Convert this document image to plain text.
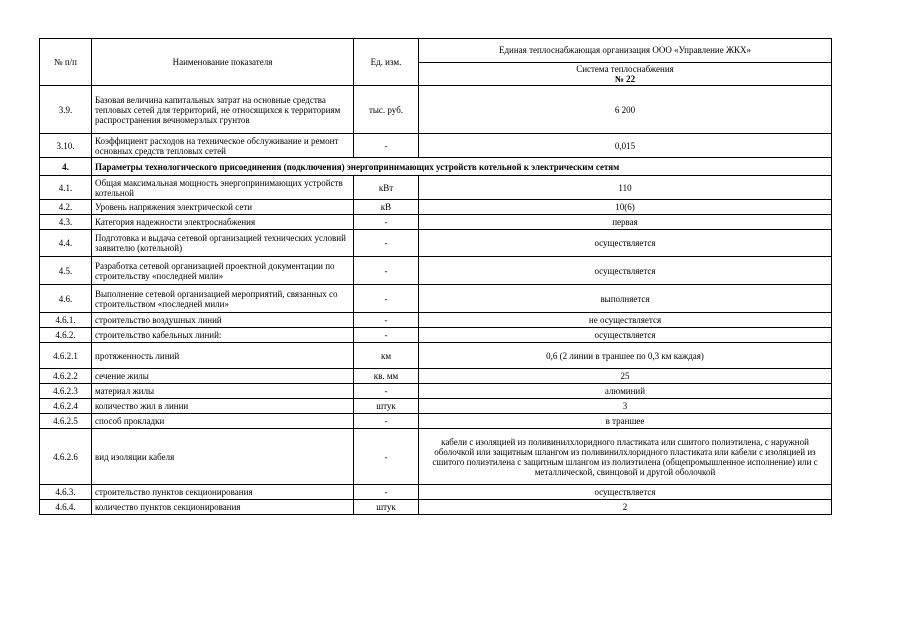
№ п/п	Наименование показателя	Ед. изм.	Единая теплоснабжающая организация ООО «Управление ЖКХ»

			Система теплоснабжения
№ 22

3.9.	Базовая величина капитальных затрат на основные средства тепловых сетей для территорий, не относящихся к территориям распространения вечномерзлых грунтов	тыс. руб.	6 200
3.10.	Коэффициент расходов на техническое обслуживание и ремонт основных средств тепловых сетей	-	0,015
4.	Параметры технологического присоединения (подключения) энергопринимающих устройств котельной к электрическим сетям		
4.1.	Общая максимальная мощность энергопринимающих устройств котельной	кВт	110
4.2.	Уровень напряжения электрической сети	кВ	10(6)
4.3.	Категория надежности электроснабжения	-	первая
4.4.	Подготовка и выдача сетевой организацией технических условий заявителю (котельной)	-	осуществляется
4.5.	Разработка сетевой организацией проектной документации по строительству «последней мили»	-	осуществляется
4.6.	Выполнение сетевой организацией мероприятий, связанных со строительством «последней мили»	-	выполняется
4.6.1.	строительство воздушных линий	-	не осуществляется
4.6.2.	строительство кабельных линий:	-	осуществляется
4.6.2.1	протяженность линий	км	0,6 (2 линии в траншее по 0,3 км каждая)
4.6.2.2	сечение жилы	кв. мм	25
4.6.2.3	материал жилы	-	алюминий
4.6.2.4	количество жил в линии	штук	3
4.6.2.5	способ прокладки	-	в траншее
4.6.2.6	вид изоляции кабеля	-	кабели с изоляцией из поливинилхлоридного пластиката или сшитого полиэтилена, с наружной оболочкой или защитным шлангом из поливинилхлоридного пластиката или кабели с изоляцией из сшитого полиэтилена с защитным шлангом из полиэтилена (общепромышленное исполнение) или с металлической, свинцовой и другой оболочкой
4.6.3.	строительство пунктов секционирования	-	осуществляется
4.6.4.	количество пунктов секционирования	штук	2
